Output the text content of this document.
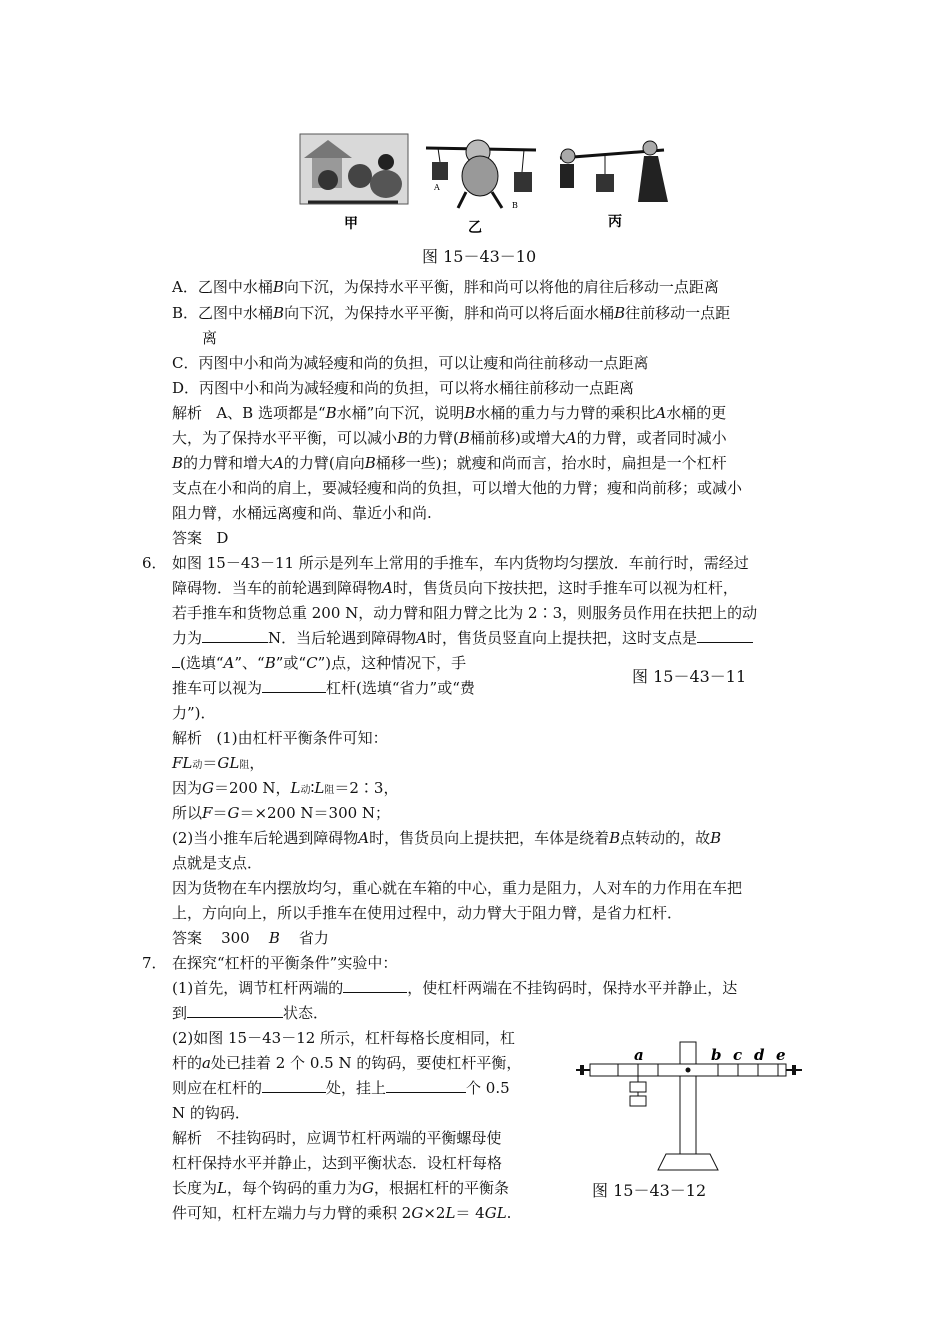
甲	乙	丙
A
B
图 15－43－10
A．乙图中水桶B向下沉，为保持水平平衡，胖和尚可以将他的肩往后移动一点距离
B．乙图中水桶B向下沉，为保持水平平衡，胖和尚可以将后面水桶B往前移动一点距
离
C．丙图中小和尚为减轻瘦和尚的负担，可以让瘦和尚往前移动一点距离
D．丙图中小和尚为减轻瘦和尚的负担，可以将水桶往前移动一点距离
解析 A、B 选项都是“B水桶”向下沉，说明B水桶的重力与力臂的乘积比A水桶的更
大，为了保持水平平衡，可以减小B的力臂(B桶前移)或增大A的力臂，或者同时减小
B的力臂和增大A的力臂(肩向B桶移一些)；就瘦和尚而言，抬水时，扁担是一个杠杆
支点在小和尚的肩上，要减轻瘦和尚的负担，可以增大他的力臂；瘦和尚前移；或减小
阻力臂，水桶远离瘦和尚、靠近小和尚.
答案 D
6． 如图 15－43－11 所示是列车上常用的手推车，车内货物均匀摆放．车前行时，需经过
障碍物．当车的前轮遇到障碍物A时，售货员向下按扶把，这时手推车可以视为杠杆，
若手推车和货物总重 200 N，动力臂和阻力臂之比为 2∶3，则服务员作用在扶把上的动
力为	N．当后轮遇到障碍物A时，售货员竖直向上提扶把，这时支点是
(选填“A”、“B”或“C”)点，这种情况下，手
推车可以视为	杠杆(选填“省力”或“费
力”)．
图 15－43－11
解析 (1)由杠杆平衡条件可知：
FL动＝GL阻，
因为G＝200 N，L动∶L阻＝2∶3，
所以F＝G＝×200 N＝300 N；
(2)当小推车后轮遇到障碍物A时，售货员向上提扶把，车体是绕着B点转动的，故B
点就是支点．
因为货物在车内摆放均匀，重心就在车箱的中心，重力是阻力，人对车的力作用在车把
上，方向向上，所以手推车在使用过程中，动力臂大于阻力臂，是省力杠杆．
答案 300 B 省力
7． 在探究“杠杆的平衡条件”实验中：
(1)首先，调节杠杆两端的	，使杠杆两端在不挂钩码时，保持水平并静止，达
到	状态．
(2)如图 15－43－12 所示，杠杆每格长度相同，杠
杆的a处已挂着 2 个 0.5 N 的钩码，要使杠杆平衡，
则应在杠杆的	处，挂上	个 0.5
N 的钩码．
解析 不挂钩码时，应调节杠杆两端的平衡螺母使
杠杆保持水平并静止，达到平衡状态．设杠杆每格
长度为L，每个钩码的重力为G，根据杠杆的平衡条
件可知，杠杆左端力与力臂的乘积 2G×2L＝ 4GL.
a	b c d e
图 15－43－12
